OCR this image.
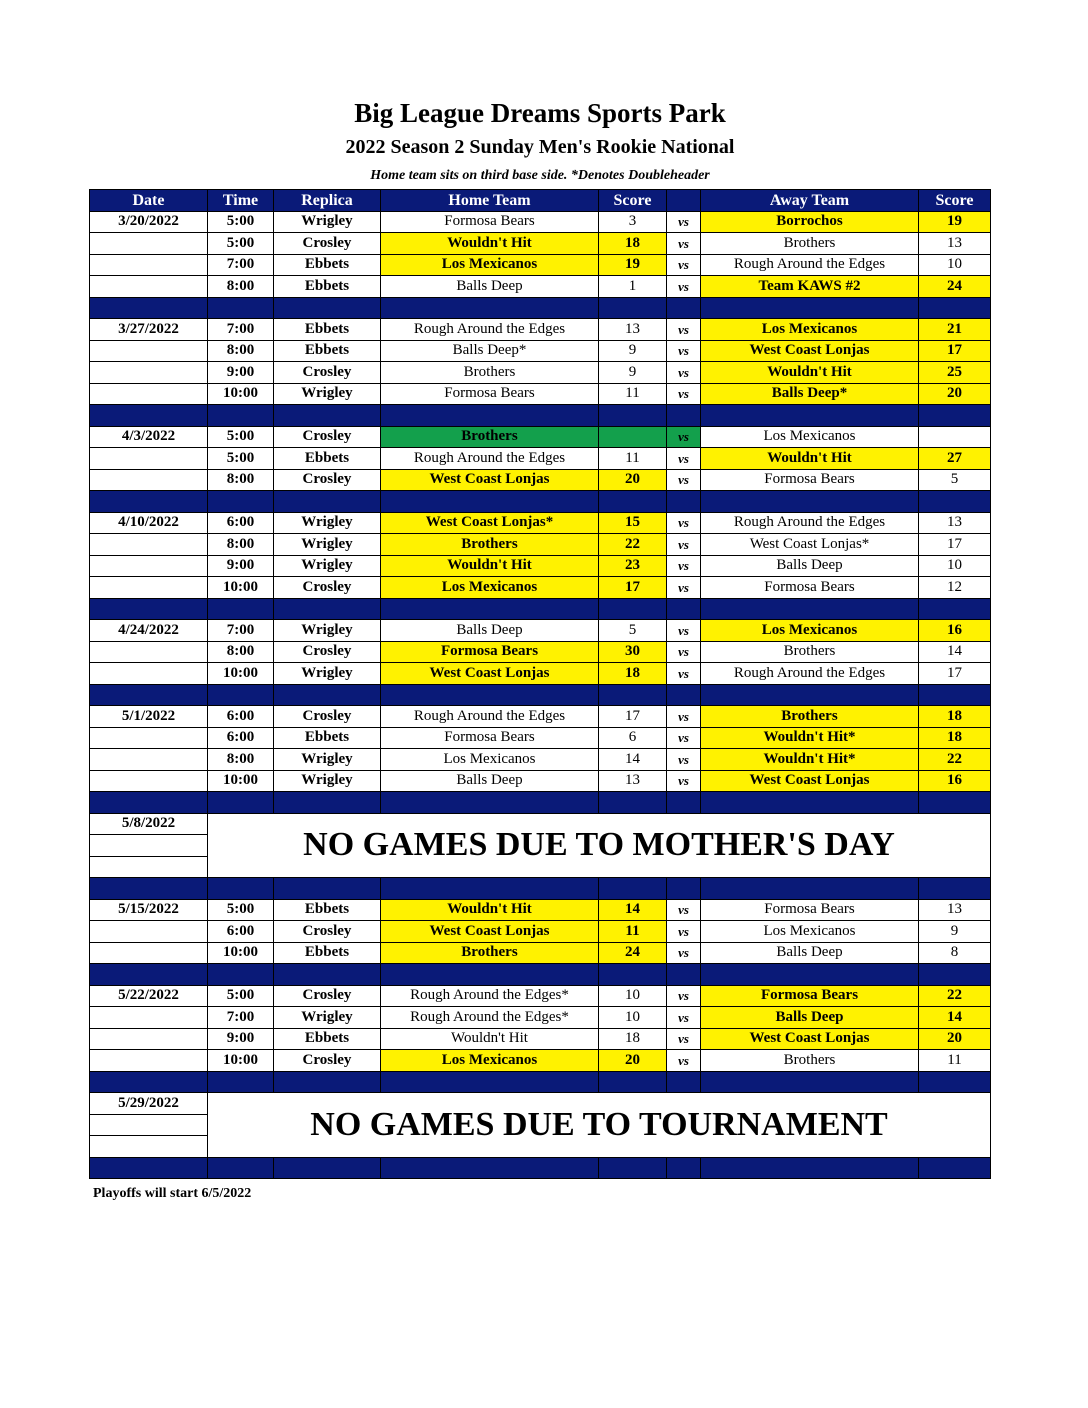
Big League Dreams Sports Park
2022 Season 2 Sunday Men's Rookie National
Home team sits on third base side. *Denotes Doubleheader
Date	Time	Replica	Home Team	Score		Away Team	Score
3/20/2022	5:00	Wrigley	Formosa Bears	3	vs	Borrochos	19
	5:00	Crosley	Wouldn't Hit	18	vs	Brothers	13
	7:00	Ebbets	Los Mexicanos	19	vs	Rough Around the Edges	10
	8:00	Ebbets	Balls Deep	1	vs	Team KAWS #2	24

3/27/2022	7:00	Ebbets	Rough Around the Edges	13	vs	Los Mexicanos	21
	8:00	Ebbets	Balls Deep*	9	vs	West Coast Lonjas	17
	9:00	Crosley	Brothers	9	vs	Wouldn't Hit	25
	10:00	Wrigley	Formosa Bears	11	vs	Balls Deep*	20

4/3/2022	5:00	Crosley	Brothers		vs	Los Mexicanos	
	5:00	Ebbets	Rough Around the Edges	11	vs	Wouldn't Hit	27
	8:00	Crosley	West Coast Lonjas	20	vs	Formosa Bears	5

4/10/2022	6:00	Wrigley	West Coast Lonjas*	15	vs	Rough Around the Edges	13
	8:00	Wrigley	Brothers	22	vs	West Coast Lonjas*	17
	9:00	Wrigley	Wouldn't Hit	23	vs	Balls Deep	10
	10:00	Crosley	Los Mexicanos	17	vs	Formosa Bears	12

4/24/2022	7:00	Wrigley	Balls Deep	5	vs	Los Mexicanos	16
	8:00	Crosley	Formosa Bears	30	vs	Brothers	14
	10:00	Wrigley	West Coast Lonjas	18	vs	Rough Around the Edges	17

5/1/2022	6:00	Crosley	Rough Around the Edges	17	vs	Brothers	18
	6:00	Ebbets	Formosa Bears	6	vs	Wouldn't Hit*	18
	8:00	Wrigley	Los Mexicanos	14	vs	Wouldn't Hit*	22
	10:00	Wrigley	Balls Deep	13	vs	West Coast Lonjas	16

5/8/2022	NO GAMES DUE TO MOTHER'S DAY						

5/15/2022	5:00	Ebbets	Wouldn't Hit	14	vs	Formosa Bears	13
	6:00	Crosley	West Coast Lonjas	11	vs	Los Mexicanos	9
	10:00	Ebbets	Brothers	24	vs	Balls Deep	8

5/22/2022	5:00	Crosley	Rough Around the Edges*	10	vs	Formosa Bears	22
	7:00	Wrigley	Rough Around the Edges*	10	vs	Balls Deep	14
	9:00	Ebbets	Wouldn't Hit	18	vs	West Coast Lonjas	20
	10:00	Crosley	Los Mexicanos	20	vs	Brothers	11

5/29/2022	NO GAMES DUE TO TOURNAMENT						

Playoffs will start 6/5/2022
